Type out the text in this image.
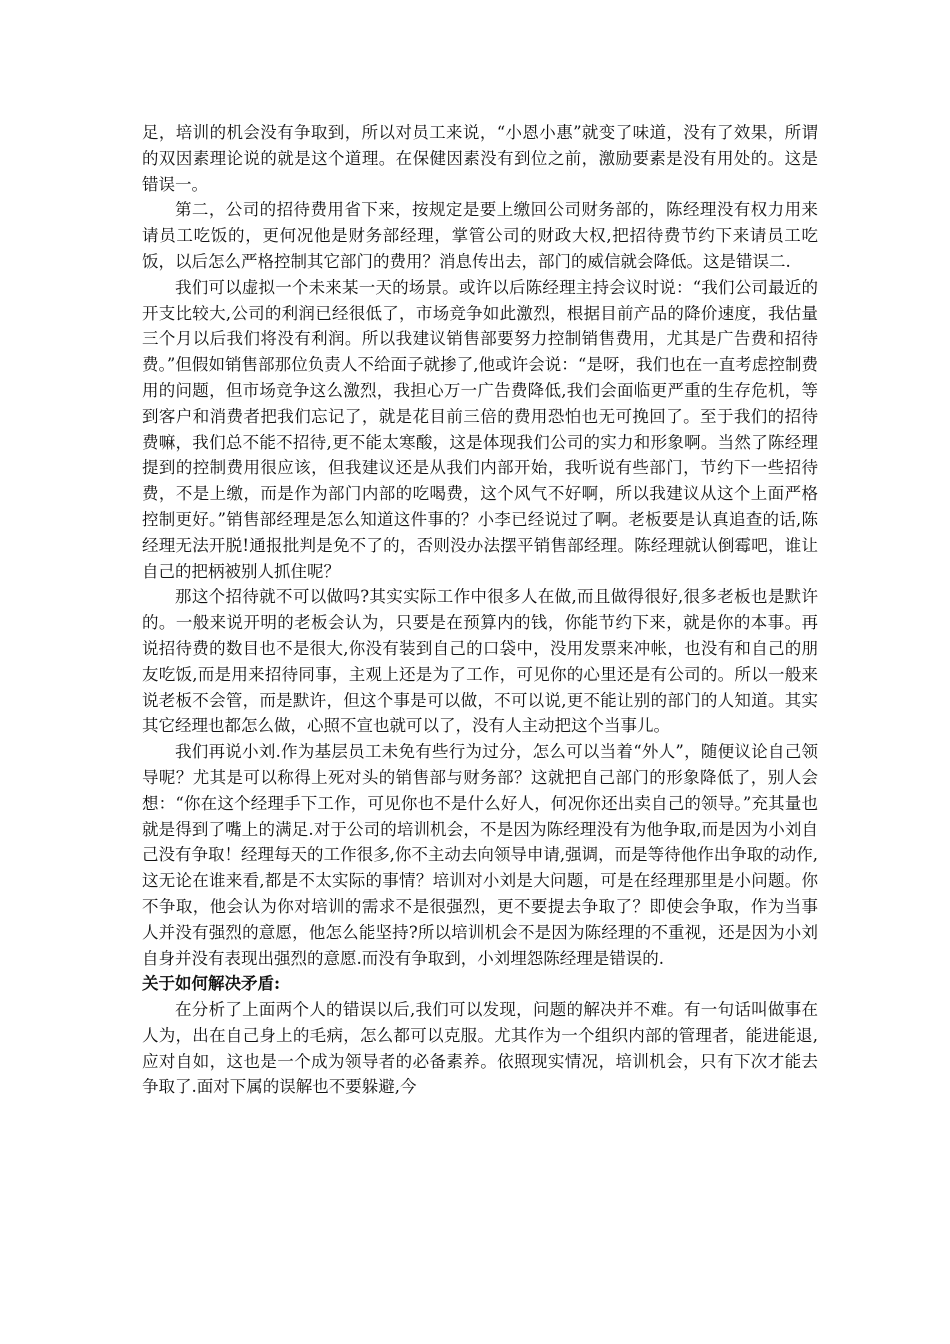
足，培训的机会没有争取到，所以对员工来说，“小恩小惠”就变了味道，没有了效果，所谓的双因素理论说的就是这个道理。在保健因素没有到位之前，激励要素是没有用处的。这是错误一。

第二，公司的招待费用省下来，按规定是要上缴回公司财务部的，陈经理没有权力用来请员工吃饭的，更何况他是财务部经理，掌管公司的财政大权,把招待费节约下来请员工吃饭，以后怎么严格控制其它部门的费用？消息传出去，部门的威信就会降低。这是错误二.

我们可以虚拟一个未来某一天的场景。或许以后陈经理主持会议时说：“我们公司最近的开支比较大,公司的利润已经很低了，市场竞争如此激烈，根据目前产品的降价速度，我估量三个月以后我们将没有利润。所以我建议销售部要努力控制销售费用，尤其是广告费和招待费。”但假如销售部那位负责人不给面子就掺了,他或许会说：“是呀，我们也在一直考虑控制费用的问题，但市场竞争这么激烈，我担心万一广告费降低,我们会面临更严重的生存危机，等到客户和消费者把我们忘记了，就是花目前三倍的费用恐怕也无可挽回了。至于我们的招待费嘛，我们总不能不招待,更不能太寒酸，这是体现我们公司的实力和形象啊。当然了陈经理提到的控制费用很应该，但我建议还是从我们内部开始，我听说有些部门，节约下一些招待费，不是上缴，而是作为部门内部的吃喝费，这个风气不好啊，所以我建议从这个上面严格控制更好。”销售部经理是怎么知道这件事的？小李已经说过了啊。老板要是认真追查的话,陈经理无法开脱!通报批判是免不了的，否则没办法摆平销售部经理。陈经理就认倒霉吧，谁让自己的把柄被别人抓住呢？

那这个招待就不可以做吗?其实实际工作中很多人在做,而且做得很好,很多老板也是默许的。一般来说开明的老板会认为，只要是在预算内的钱，你能节约下来，就是你的本事。再说招待费的数目也不是很大,你没有装到自己的口袋中，没用发票来冲帐，也没有和自己的朋友吃饭,而是用来招待同事，主观上还是为了工作，可见你的心里还是有公司的。所以一般来说老板不会管，而是默许，但这个事是可以做，不可以说,更不能让别的部门的人知道。其实其它经理也都怎么做，心照不宣也就可以了，没有人主动把这个当事儿。

我们再说小刘.作为基层员工未免有些行为过分，怎么可以当着“外人”，随便议论自己领导呢？尤其是可以称得上死对头的销售部与财务部？这就把自己部门的形象降低了，别人会想：“你在这个经理手下工作，可见你也不是什么好人，何况你还出卖自己的领导。”充其量也就是得到了嘴上的满足.对于公司的培训机会，不是因为陈经理没有为他争取,而是因为小刘自己没有争取！经理每天的工作很多,你不主动去向领导申请,强调，而是等待他作出争取的动作,这无论在谁来看,都是不太实际的事情？培训对小刘是大问题，可是在经理那里是小问题。你不争取，他会认为你对培训的需求不是很强烈，更不要提去争取了？即使会争取，作为当事人并没有强烈的意愿，他怎么能坚持?所以培训机会不是因为陈经理的不重视，还是因为小刘自身并没有表现出强烈的意愿.而没有争取到，小刘埋怨陈经理是错误的.

关于如何解决矛盾:

在分析了上面两个人的错误以后,我们可以发现，问题的解决并不难。有一句话叫做事在人为，出在自己身上的毛病，怎么都可以克服。尤其作为一个组织内部的管理者，能进能退,应对自如，这也是一个成为领导者的必备素养。依照现实情况，培训机会，只有下次才能去争取了.面对下属的误解也不要躲避,今
